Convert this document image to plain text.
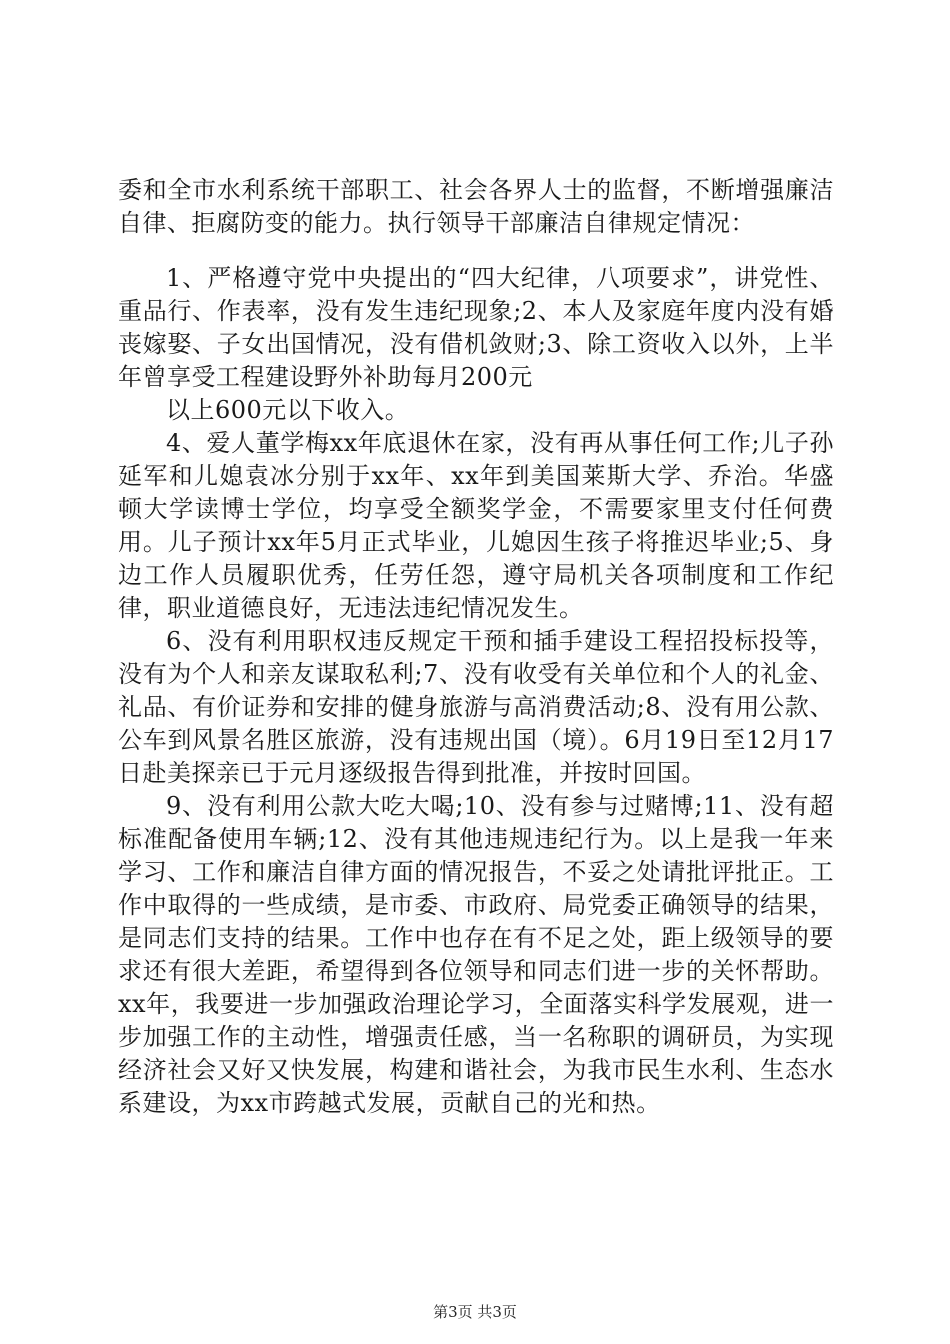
委和全市水利系统干部职工、社会各界人士的监督，不断增强廉洁自律、拒腐防变的能力。执行领导干部廉洁自律规定情况：

1、严格遵守党中央提出的“四大纪律，八项要求”，讲党性、重品行、作表率，没有发生违纪现象;2、本人及家庭年度内没有婚丧嫁娶、子女出国情况，没有借机敛财;3、除工资收入以外，上半年曾享受工程建设野外补助每月200元

以上600元以下收入。

4、爱人董学梅xx年底退休在家，没有再从事任何工作;儿子孙延军和儿媳袁冰分别于xx年、xx年到美国莱斯大学、乔治。华盛顿大学读博士学位，均享受全额奖学金，不需要家里支付任何费用。儿子预计xx年5月正式毕业，儿媳因生孩子将推迟毕业;5、身边工作人员履职优秀，任劳任怨，遵守局机关各项制度和工作纪律，职业道德良好，无违法违纪情况发生。

6、没有利用职权违反规定干预和插手建设工程招投标投等，没有为个人和亲友谋取私利;7、没有收受有关单位和个人的礼金、礼品、有价证券和安排的健身旅游与高消费活动;8、没有用公款、公车到风景名胜区旅游，没有违规出国（境）。6月19日至12月17日赴美探亲已于元月逐级报告得到批准，并按时回国。

9、没有利用公款大吃大喝;10、没有参与过赌博;11、没有超标准配备使用车辆;12、没有其他违规违纪行为。以上是我一年来学习、工作和廉洁自律方面的情况报告，不妥之处请批评批正。工作中取得的一些成绩，是市委、市政府、局党委正确领导的结果，是同志们支持的结果。工作中也存在有不足之处，距上级领导的要求还有很大差距，希望得到各位领导和同志们进一步的关怀帮助。xx年，我要进一步加强政治理论学习，全面落实科学发展观，进一步加强工作的主动性，增强责任感，当一名称职的调研员，为实现经济社会又好又快发展，构建和谐社会，为我市民生水利、生态水系建设，为xx市跨越式发展，贡献自己的光和热。

第3页 共3页
